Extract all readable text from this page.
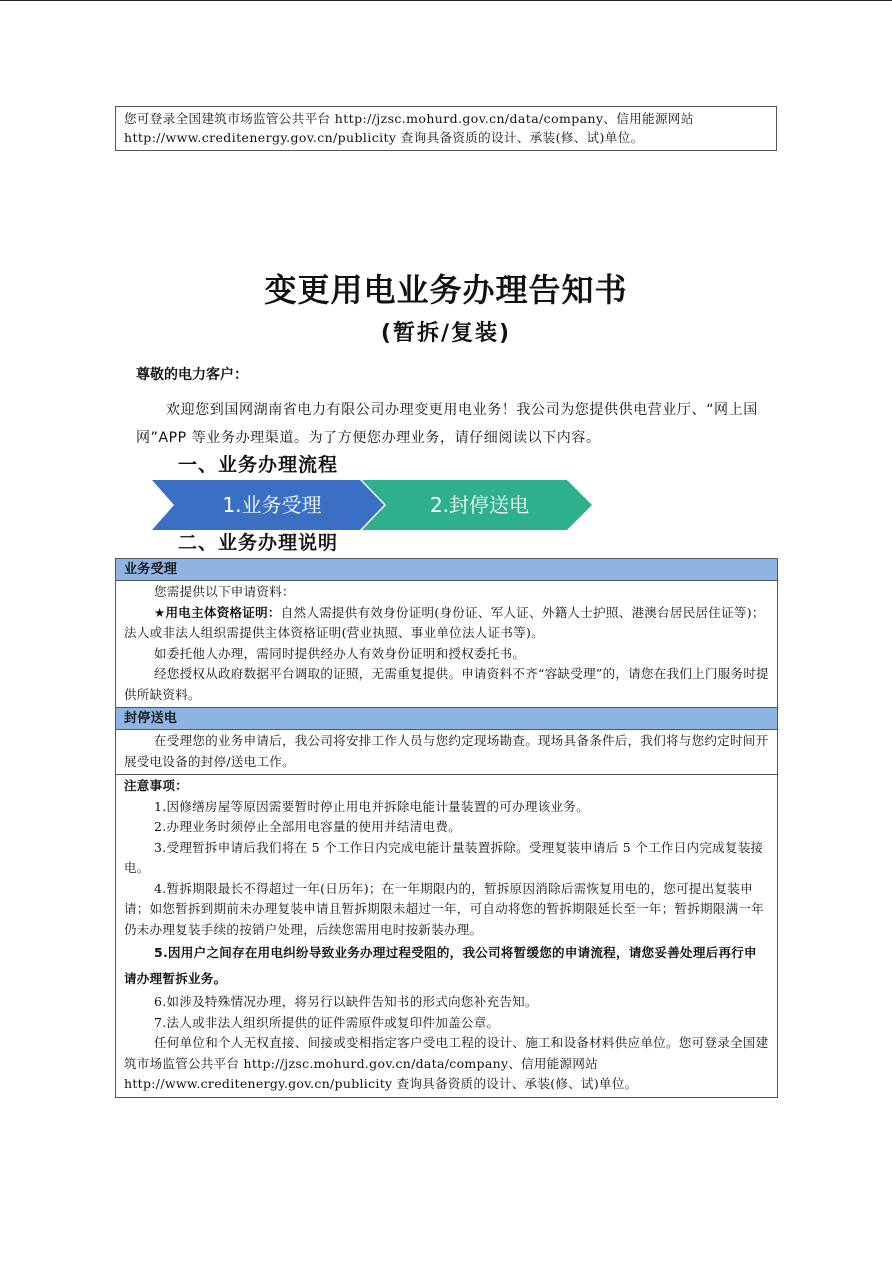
您可登录全国建筑市场监管公共平台 http://jzsc.mohurd.gov.cn/data/company、信用能源网站

http://www.creditenergy.gov.cn/publicity 查询具备资质的设计、承装(修、试)单位。

变更用电业务办理告知书
(暂拆/复装)
尊敬的电力客户：

欢迎您到国网湖南省电力有限公司办理变更用电业务！我公司为您提供供电营业厅、“网上国网”APP 等业务办理渠道。为了方便您办理业务，请仔细阅读以下内容。

一、业务办理流程
1.业务受理	2.封停送电
二、业务办理说明
业务受理

您需提供以下申请资料：

★用电主体资格证明：自然人需提供有效身份证明(身份证、军人证、外籍人士护照、港澳台居民居住证等)；法人或非法人组织需提供主体资格证明(营业执照、事业单位法人证书等)。

如委托他人办理，需同时提供经办人有效身份证明和授权委托书。

经您授权从政府数据平台调取的证照，无需重复提供。申请资料不齐“容缺受理”的，请您在我们上门服务时提供所缺资料。

封停送电

在受理您的业务申请后，我公司将安排工作人员与您约定现场勘查。现场具备条件后，我们将与您约定时间开展受电设备的封停/送电工作。

注意事项：

1.因修缮房屋等原因需要暂时停止用电并拆除电能计量装置的可办理该业务。

2.办理业务时须停止全部用电容量的使用并结清电费。

3.受理暂拆申请后我们将在 5 个工作日内完成电能计量装置拆除。受理复装申请后 5 个工作日内完成复装接电。

4.暂拆期限最长不得超过一年(日历年)；在一年期限内的，暂拆原因消除后需恢复用电的，您可提出复装申请；如您暂拆到期前未办理复装申请且暂拆期限未超过一年，可自动将您的暂拆期限延长至一年；暂拆期限满一年仍未办理复装手续的按销户处理，后续您需用电时按新装办理。

5.因用户之间存在用电纠纷导致业务办理过程受阻的，我公司将暂缓您的申请流程，请您妥善处理后再行申请办理暂拆业务。

6.如涉及特殊情况办理，将另行以缺件告知书的形式向您补充告知。

7.法人或非法人组织所提供的证件需原件或复印件加盖公章。

任何单位和个人无权直接、间接或变相指定客户受电工程的设计、施工和设备材料供应单位。您可登录全国建筑市场监管公共平台 http://jzsc.mohurd.gov.cn/data/company、信用能源网站 http://www.creditenergy.gov.cn/publicity 查询具备资质的设计、承装(修、试)单位。
